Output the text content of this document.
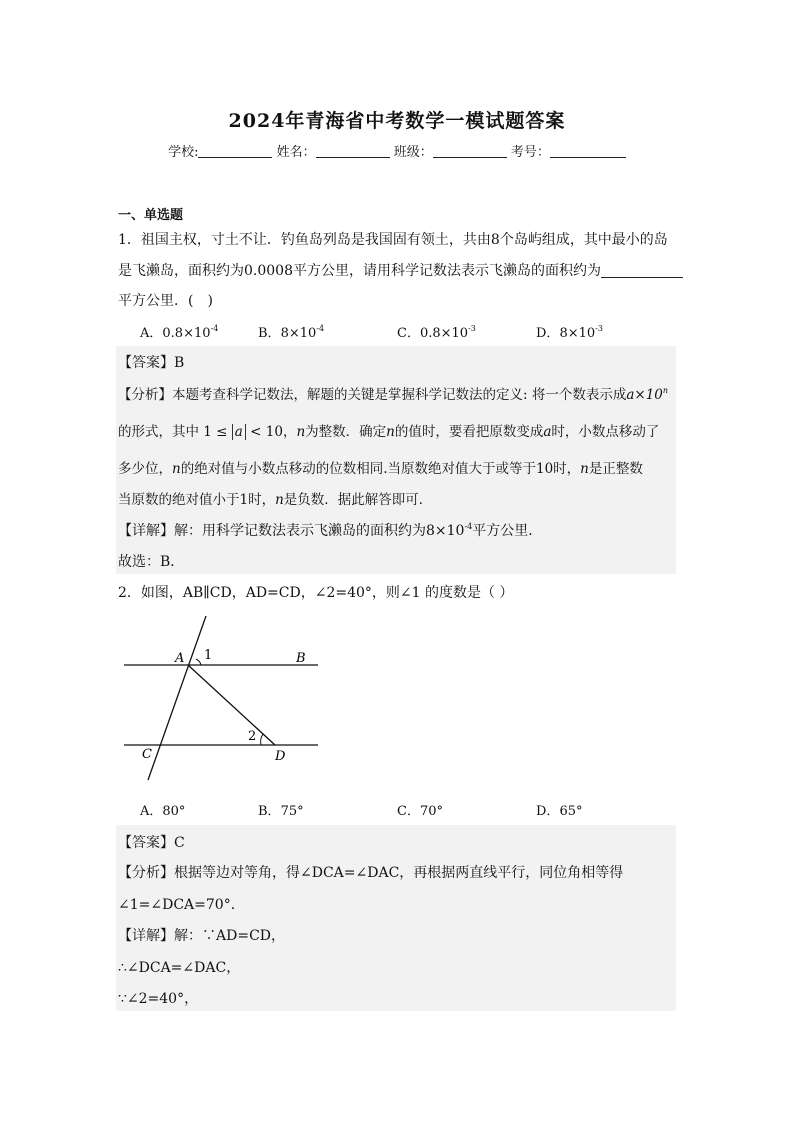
2024年青海省中考数学一模试题答案
学校:	姓名：	班级：	考号：
一、单选题
1．祖国主权，寸土不让．钓鱼岛列岛是我国固有领土，共由8个岛屿组成，其中最小的岛
是飞濑岛，面积约为0.0008平方公里，请用科学记数法表示飞濑岛的面积约为
平方公里．(　)
A．$0.8\times 10^{-4}$	B．$8\times 10^{-4}$	C．$0.8\times 10^{-3}$	D．$8\times 10^{-3}$
【答案】B
【分析】本题考查科学记数法，解题的关键是掌握科学记数法的定义: 将一个数表示成$a\times 10^n$
的形式，其中 1 ≤ a < 10，n为整数．确定n的值时，要看把原数变成a时，小数点移动了
多少位，n的绝对值与小数点移动的位数相同.当原数绝对值大于或等于10时，n是正整数
当原数的绝对值小于1时，n是负数．据此解答即可．
【详解】解：用科学记数法表示飞濑岛的面积约为$8\times 10^{-4}$平方公里．
故选：B．
2．如图，AB∥CD，AD=CD，∠2=40°，则∠1 的度数是（ ）
A 1	B
C
2
D
A．80°	B．75°	C．70°	D．65°
【答案】C
【分析】根据等边对等角，得∠DCA=∠DAC，再根据两直线平行，同位角相等得
∠1=∠DCA=70°．
【详解】解：∵AD=CD，
∴∠DCA=∠DAC，
∵∠2=40°，
